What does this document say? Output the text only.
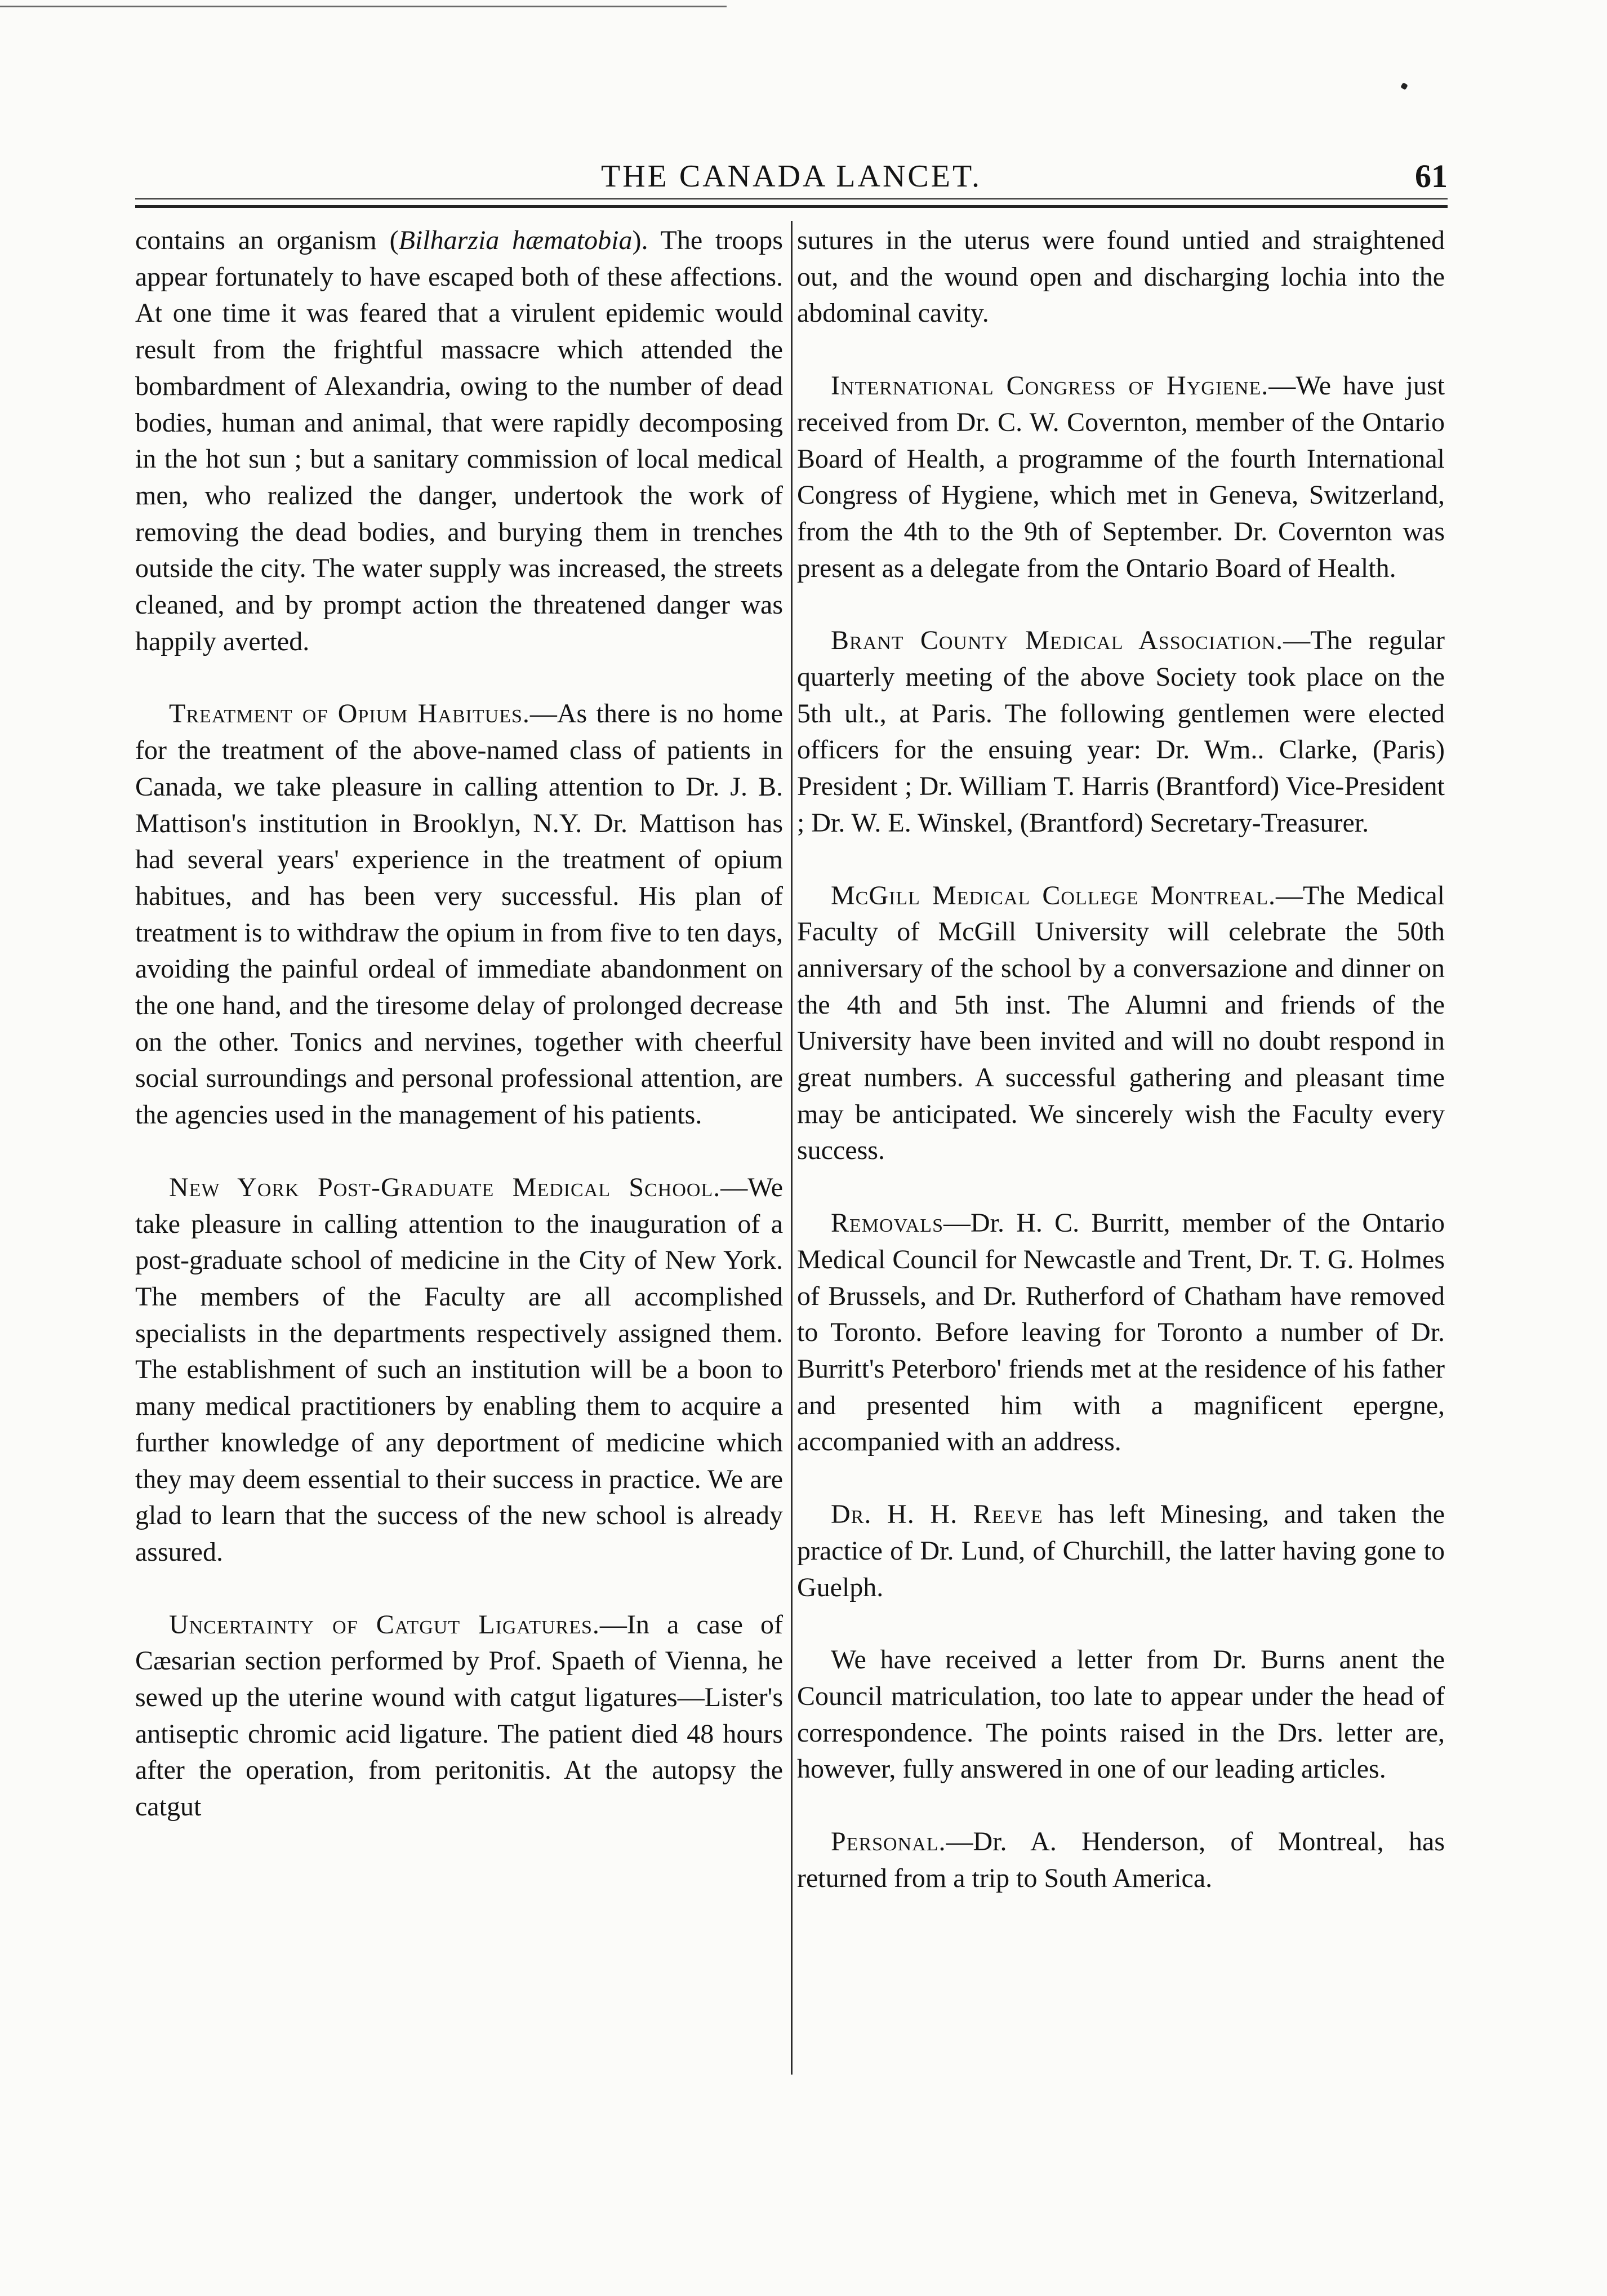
THE CANADA LANCET.	61

contains an organism (Bilharzia hæmatobia). The troops appear fortunately to have escaped both of these affections. At one time it was feared that a virulent epidemic would result from the frightful massacre which attended the bombardment of Alexandria, owing to the number of dead bodies, human and animal, that were rapidly decomposing in the hot sun ; but a sanitary commission of local medical men, who realized the danger, undertook the work of removing the dead bodies, and burying them in trenches outside the city. The water supply was increased, the streets cleaned, and by prompt action the threatened danger was happily averted.

Treatment of Opium Habitues.—As there is no home for the treatment of the above-named class of patients in Canada, we take pleasure in calling attention to Dr. J. B. Mattison's institution in Brooklyn, N.Y. Dr. Mattison has had several years' experience in the treatment of opium habitues, and has been very successful. His plan of treatment is to withdraw the opium in from five to ten days, avoiding the painful ordeal of immediate abandonment on the one hand, and the tiresome delay of prolonged decrease on the other. Tonics and nervines, together with cheerful social surroundings and personal professional attention, are the agencies used in the management of his patients.

New York Post-Graduate Medical School.—We take pleasure in calling attention to the inauguration of a post-graduate school of medicine in the City of New York. The members of the Faculty are all accomplished specialists in the departments respectively assigned them. The establishment of such an institution will be a boon to many medical practitioners by enabling them to acquire a further knowledge of any deportment of medicine which they may deem essential to their success in practice. We are glad to learn that the success of the new school is already assured.

Uncertainty of Catgut Ligatures.—In a case of Cæsarian section performed by Prof. Spaeth of Vienna, he sewed up the uterine wound with catgut ligatures—Lister's antiseptic chromic acid ligature. The patient died 48 hours after the operation, from peritonitis. At the autopsy the catgut

sutures in the uterus were found untied and straightened out, and the wound open and discharging lochia into the abdominal cavity.

International Congress of Hygiene.—We have just received from Dr. C. W. Covernton, member of the Ontario Board of Health, a programme of the fourth International Congress of Hygiene, which met in Geneva, Switzerland, from the 4th to the 9th of September. Dr. Covernton was present as a delegate from the Ontario Board of Health.

Brant County Medical Association.—The regular quarterly meeting of the above Society took place on the 5th ult., at Paris. The following gentlemen were elected officers for the ensuing year: Dr. Wm.. Clarke, (Paris) President ; Dr. William T. Harris (Brantford) Vice-President ; Dr. W. E. Winskel, (Brantford) Secretary-Treasurer.

McGill Medical College Montreal.—The Medical Faculty of McGill University will celebrate the 50th anniversary of the school by a conversazione and dinner on the 4th and 5th inst. The Alumni and friends of the University have been invited and will no doubt respond in great numbers. A successful gathering and pleasant time may be anticipated. We sincerely wish the Faculty every success.

Removals—Dr. H. C. Burritt, member of the Ontario Medical Council for Newcastle and Trent, Dr. T. G. Holmes of Brussels, and Dr. Rutherford of Chatham have removed to Toronto. Before leaving for Toronto a number of Dr. Burritt's Peterboro' friends met at the residence of his father and presented him with a magnificent epergne, accompanied with an address.

Dr. H. H. Reeve has left Minesing, and taken the practice of Dr. Lund, of Churchill, the latter having gone to Guelph.

We have received a letter from Dr. Burns anent the Council matriculation, too late to appear under the head of correspondence. The points raised in the Drs. letter are, however, fully answered in one of our leading articles.

Personal.—Dr. A. Henderson, of Montreal, has returned from a trip to South America.
